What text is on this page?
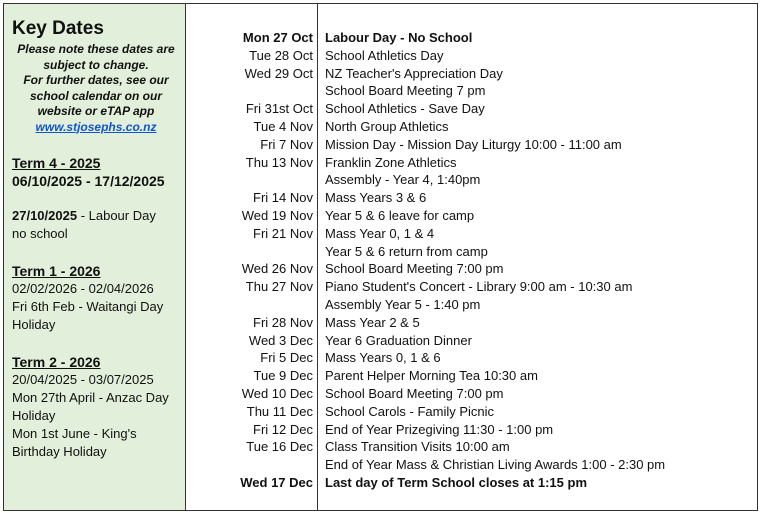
Key Dates
Please note these dates are
subject to change.
For further dates, see our
school calendar on our
website or eTAP app
www.stjosephs.co.nz
Term 4 - 2025
06/10/2025 - 17/12/2025
27/10/2025 - Labour Day
no school
Term 1 - 2026
02/02/2026 - 02/04/2026
Fri 6th Feb - Waitangi Day
Holiday
Term 2 - 2026
20/04/2025 - 03/07/2025
Mon 27th April - Anzac Day
Holiday
Mon 1st June - King's
Birthday Holiday
Mon 27 Oct Labour Day - No School
Tue 28 Oct School Athletics Day
Wed 29 Oct NZ Teacher's Appreciation Day
School Board Meeting 7 pm
Fri 31st Oct School Athletics - Save Day
Tue 4 Nov North Group Athletics
Fri 7 Nov Mission Day - Mission Day Liturgy 10:00 - 11:00 am
Thu 13 Nov Franklin Zone Athletics
Assembly - Year 4, 1:40pm
Fri 14 Nov Mass Years 3 & 6
Wed 19 Nov Year 5 & 6 leave for camp
Fri 21 Nov Mass Year 0, 1 & 4
Year 5 & 6 return from camp
Wed 26 Nov School Board Meeting 7:00 pm
Thu 27 Nov Piano Student's Concert - Library 9:00 am - 10:30 am
Assembly Year 5 - 1:40 pm
Fri 28 Nov Mass Year 2 & 5
Wed 3 Dec Year 6 Graduation Dinner
Fri 5 Dec Mass Years 0, 1 & 6
Tue 9 Dec Parent Helper Morning Tea 10:30 am
Wed 10 Dec School Board Meeting 7:00 pm
Thu 11 Dec School Carols - Family Picnic
Fri 12 Dec End of Year Prizegiving 11:30 - 1:00 pm
Tue 16 Dec Class Transition Visits 10:00 am
End of Year Mass & Christian Living Awards 1:00 - 2:30 pm
Wed 17 Dec Last day of Term School closes at 1:15 pm
